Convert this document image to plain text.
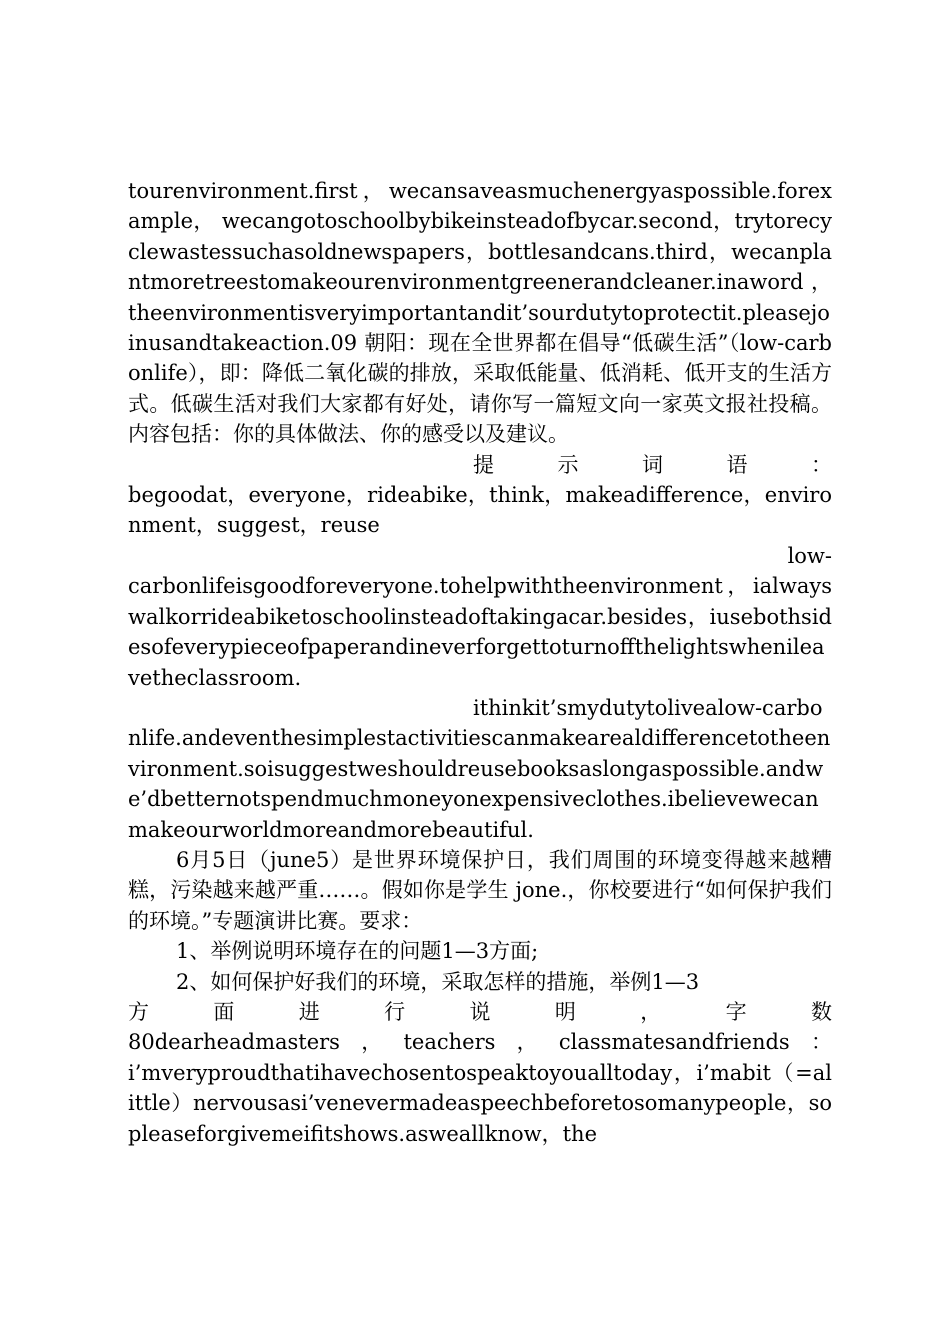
tourenvironment.first，wecansaveasmuchenergyaspossible.forexample， wecangotoschoolbybikeinsteadofbycar.second，trytorecyclewastessuchasoldnewspapers，bottlesandcans.third，wecanplantmoretreestomakeourenvironmentgreenerandcleaner.inaword，theenvironmentisveryimportantandit’sourdutytoprotectit.pleasejoinusandtakeaction.09 朝阳：现在全世界都在倡导“低碳生活”（low-carbonlife），即：降低二氧化碳的排放，采取低能量、低消耗、低开支的生活方式。低碳生活对我们大家都有好处，请你写一篇短文向一家英文报社投稿。内容包括：你的具体做法、你的感受以及建议。

提	示	词	语	：

begoodat，everyone，rideabike，think，makeadifference，environment，suggest，reuse

low-

carbonlifeisgoodforeveryone.tohelpwiththeenvironment，ialwayswalkorrideabiketoschoolinsteadoftakingacar.besides，iusebothsidesofeverypieceofpaperandineverforgettoturnoffthelightswhenileavetheclassroom.

ithinkit’smydutytolivealow-carbonlife.andeventhesimplestactivitiescanmakearealdifferencetotheenvironment.soisuggestweshouldreusebooksaslongaspossible.andwe’dbetternotspendmuchmoneyonexpensiveclothes.ibelievewecanmakeourworldmoreandmorebeautiful.

6月5日（june5）是世界环境保护日，我们周围的环境变得越来越糟糕，污染越来越严重……。假如你是学生 jone.，你校要进行“如何保护我们的环境。”专题演讲比赛。要求：

1、举例说明环境存在的问题1—3方面;

2、如何保护好我们的环境，采取怎样的措施，举例1—3

方	面	进	行	说	明	，	字	数

80dearheadmasters ， teachers ， classmatesandfriends ：

i’mveryproudthatihavechosentospeaktoyoualltoday，i’mabit（=alittle）nervousasi’venevermadeaspeechbeforetosomanypeople，sopleaseforgivemeifitshows.asweallknow，the
